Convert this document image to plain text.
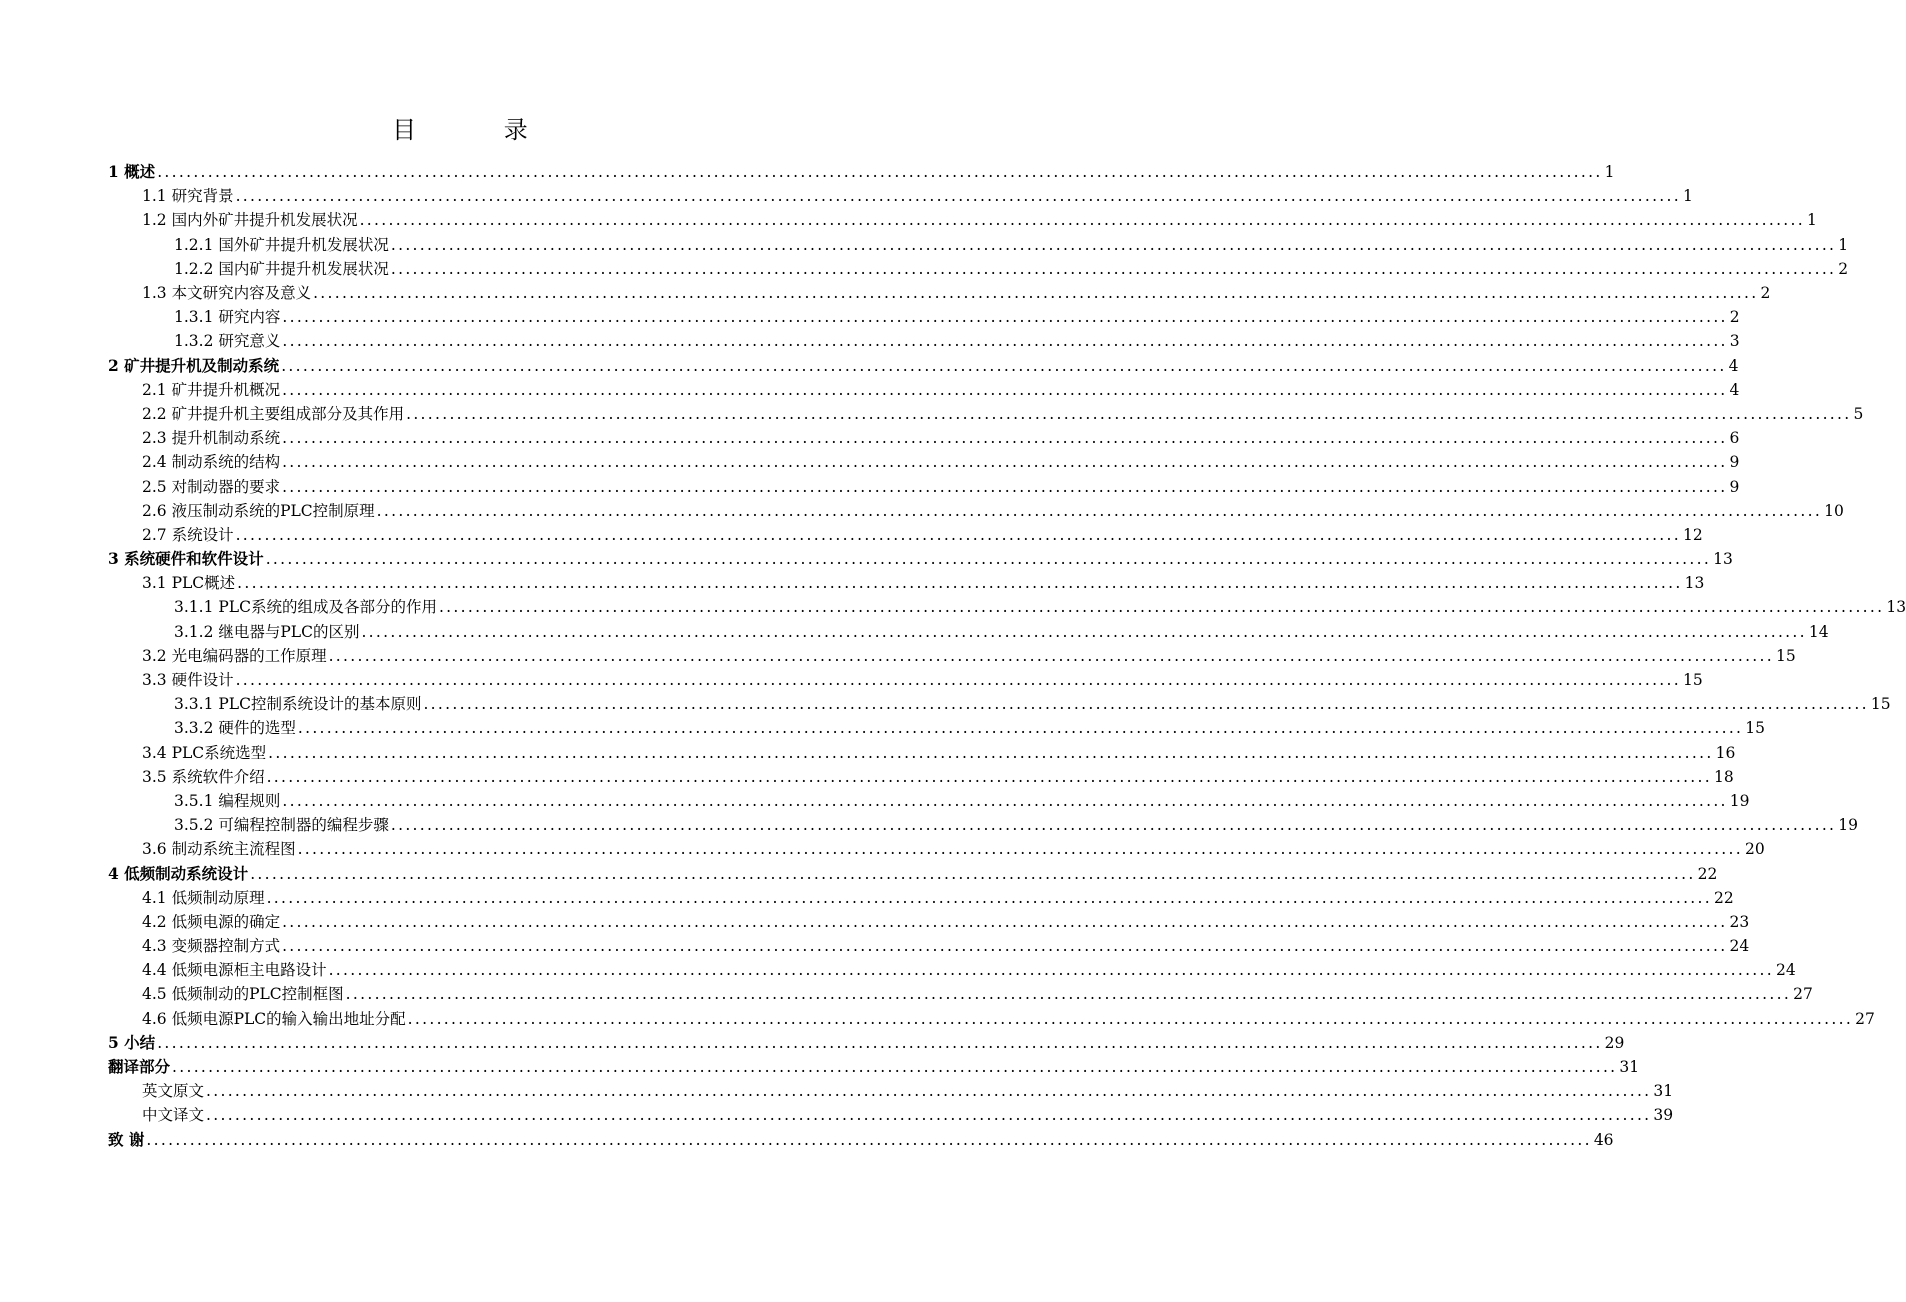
目 录
1 概述 ........................................................................................................................................................................................................ 1
1.1 研究背景 ........................................................................................................................................................................................................ 1
1.2 国内外矿井提升机发展状况 ........................................................................................................................................................................................................ 1
1.2.1 国外矿井提升机发展状况 ........................................................................................................................................................................................................ 1
1.2.2 国内矿井提升机发展状况 ........................................................................................................................................................................................................ 2
1.3 本文研究内容及意义 ........................................................................................................................................................................................................ 2
1.3.1 研究内容 ........................................................................................................................................................................................................ 2
1.3.2 研究意义 ........................................................................................................................................................................................................ 3
2 矿井提升机及制动系统 ........................................................................................................................................................................................................ 4
2.1 矿井提升机概况 ........................................................................................................................................................................................................ 4
2.2 矿井提升机主要组成部分及其作用 ........................................................................................................................................................................................................ 5
2.3 提升机制动系统 ........................................................................................................................................................................................................ 6
2.4 制动系统的结构 ........................................................................................................................................................................................................ 9
2.5 对制动器的要求 ........................................................................................................................................................................................................ 9
2.6 液压制动系统的PLC控制原理 ........................................................................................................................................................................................................ 10
2.7 系统设计 ........................................................................................................................................................................................................ 12
3 系统硬件和软件设计 ........................................................................................................................................................................................................ 13
3.1 PLC概述 ........................................................................................................................................................................................................ 13
3.1.1 PLC系统的组成及各部分的作用 ........................................................................................................................................................................................................ 13
3.1.2 继电器与PLC的区别 ........................................................................................................................................................................................................ 14
3.2 光电编码器的工作原理 ........................................................................................................................................................................................................ 15
3.3 硬件设计 ........................................................................................................................................................................................................ 15
3.3.1 PLC控制系统设计的基本原则 ........................................................................................................................................................................................................ 15
3.3.2 硬件的选型 ........................................................................................................................................................................................................ 15
3.4 PLC系统选型 ........................................................................................................................................................................................................ 16
3.5 系统软件介绍 ........................................................................................................................................................................................................ 18
3.5.1 编程规则 ........................................................................................................................................................................................................ 19
3.5.2 可编程控制器的编程步骤 ........................................................................................................................................................................................................ 19
3.6 制动系统主流程图 ........................................................................................................................................................................................................ 20
4 低频制动系统设计 ........................................................................................................................................................................................................ 22
4.1 低频制动原理 ........................................................................................................................................................................................................ 22
4.2 低频电源的确定 ........................................................................................................................................................................................................ 23
4.3 变频器控制方式 ........................................................................................................................................................................................................ 24
4.4 低频电源柜主电路设计 ........................................................................................................................................................................................................ 24
4.5 低频制动的PLC控制框图 ........................................................................................................................................................................................................ 27
4.6 低频电源PLC的输入输出地址分配 ........................................................................................................................................................................................................ 27
5 小结 ........................................................................................................................................................................................................ 29
翻译部分 ........................................................................................................................................................................................................ 31
英文原文 ........................................................................................................................................................................................................ 31
中文译文 ........................................................................................................................................................................................................ 39
致 谢 ........................................................................................................................................................................................................ 46
